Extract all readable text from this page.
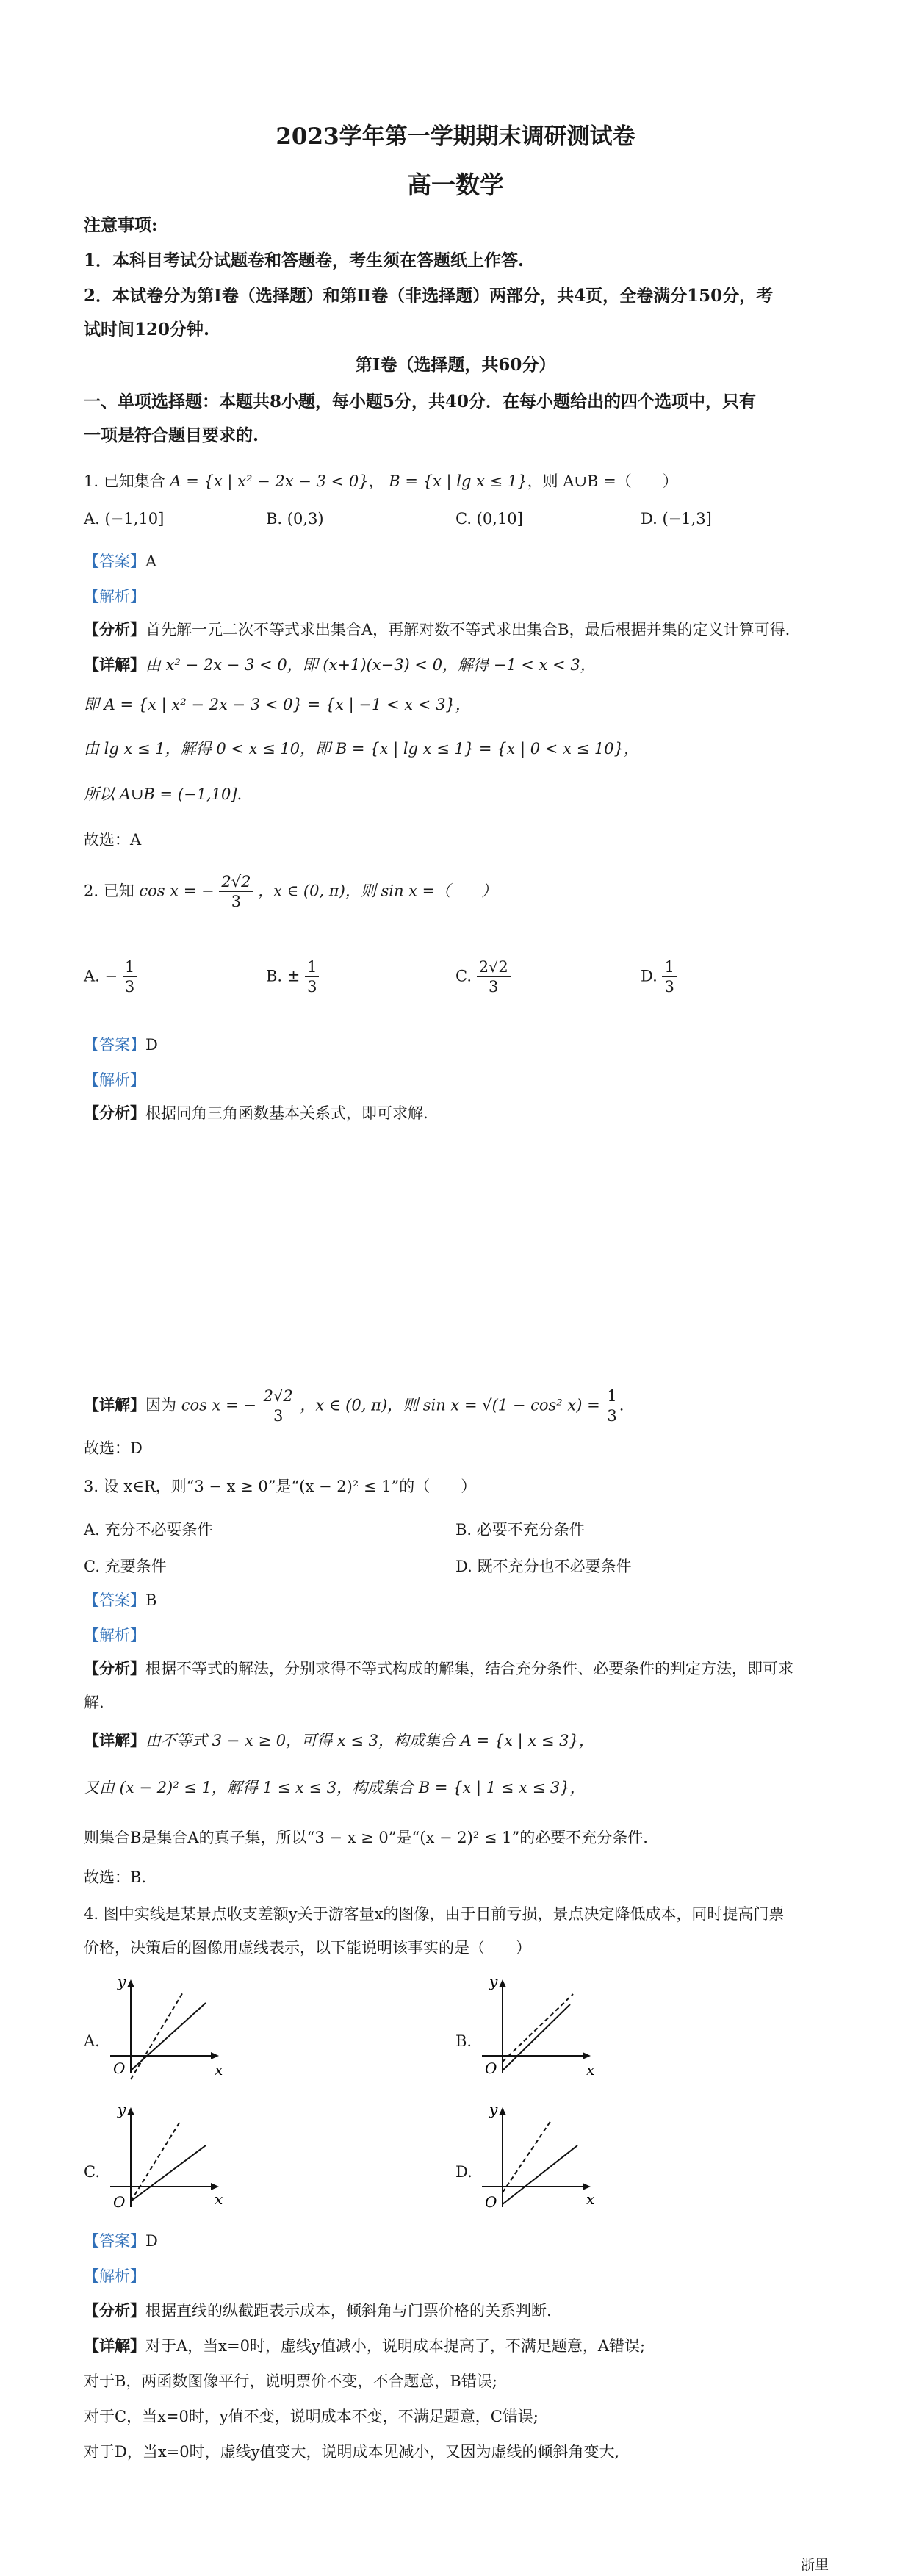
2023学年第一学期期末调研测试卷
高一数学
注意事项:
1．本科目考试分试题卷和答题卷，考生须在答题纸上作答.
2．本试卷分为第Ⅰ卷（选择题）和第Ⅱ卷（非选择题）两部分，共4页，全卷满分150分，考
试时间120分钟.
第Ⅰ卷（选择题，共60分）
一、单项选择题：本题共8小题，每小题5分，共40分．在每小题给出的四个选项中，只有
一项是符合题目要求的.
1. 已知集合 A = {x | x² − 2x − 3 < 0}， B = {x | lg x ≤ 1}，则 A∪B =（　　）
A. (−1,10]	B. (0,3)	C. (0,10]	D. (−1,3]
【答案】A
【解析】
【分析】首先解一元二次不等式求出集合A，再解对数不等式求出集合B，最后根据并集的定义计算可得.
【详解】由 x² − 2x − 3 < 0，即 (x+1)(x−3) < 0，解得 −1 < x < 3，
即 A = {x | x² − 2x − 3 < 0} = {x | −1 < x < 3}，
由 lg x ≤ 1，解得 0 < x ≤ 10，即 B = {x | lg x ≤ 1} = {x | 0 < x ≤ 10}，
所以 A∪B = (−1,10].
故选：A
2. 已知 cos x = − $\frac{2√2}{3}$ ，x ∈ (0, π)，则 sin x =（　　）
A. − $\frac{1}{3}$	B. ± $\frac{1}{3}$	C. $\frac{2√2}{3}$	D. $\frac{1}{3}$
【答案】D
【解析】
【分析】根据同角三角函数基本关系式，即可求解.
【详解】因为 cos x = − $\frac{2√2}{3}$ ，x ∈ (0, π)，则 sin x = √(1 − cos² $x) = \frac{1}{3}$ .
故选：D
3. 设 x∈R，则“3 − x ≥ 0”是“(x − 2)² ≤ 1”的（　　）
A. 充分不必要条件	B. 必要不充分条件
C. 充要条件	D. 既不充分也不必要条件
【答案】B
【解析】
【分析】根据不等式的解法，分别求得不等式构成的解集，结合充分条件、必要条件的判定方法，即可求
解.
【详解】由不等式 3 − x ≥ 0，可得 x ≤ 3，构成集合 A = {x | x ≤ 3}，
又由 (x − 2)² ≤ 1，解得 1 ≤ x ≤ 3，构成集合 B = {x | 1 ≤ x ≤ 3}，
则集合B是集合A的真子集，所以“3 − x ≥ 0”是“(x − 2)² ≤ 1”的必要不充分条件.
故选：B.
4. 图中实线是某景点收支差额y关于游客量x的图像，由于目前亏损，景点决定降低成本，同时提高门票
价格，决策后的图像用虚线表示，以下能说明该事实的是（　　）
A.
y
x
O
B.
y
x
O
C.
y
x
O
D.
y
x
O
【答案】D
【解析】
【分析】根据直线的纵截距表示成本，倾斜角与门票价格的关系判断.
【详解】对于A，当x=0时，虚线y值减小，说明成本提高了，不满足题意，A错误;
对于B，两函数图像平行，说明票价不变，不合题意，B错误;
对于C，当x=0时，y值不变，说明成本不变，不满足题意，C错误;
对于D，当x=0时，虚线y值变大，说明成本见减小，又因为虚线的倾斜角变大,
浙里
